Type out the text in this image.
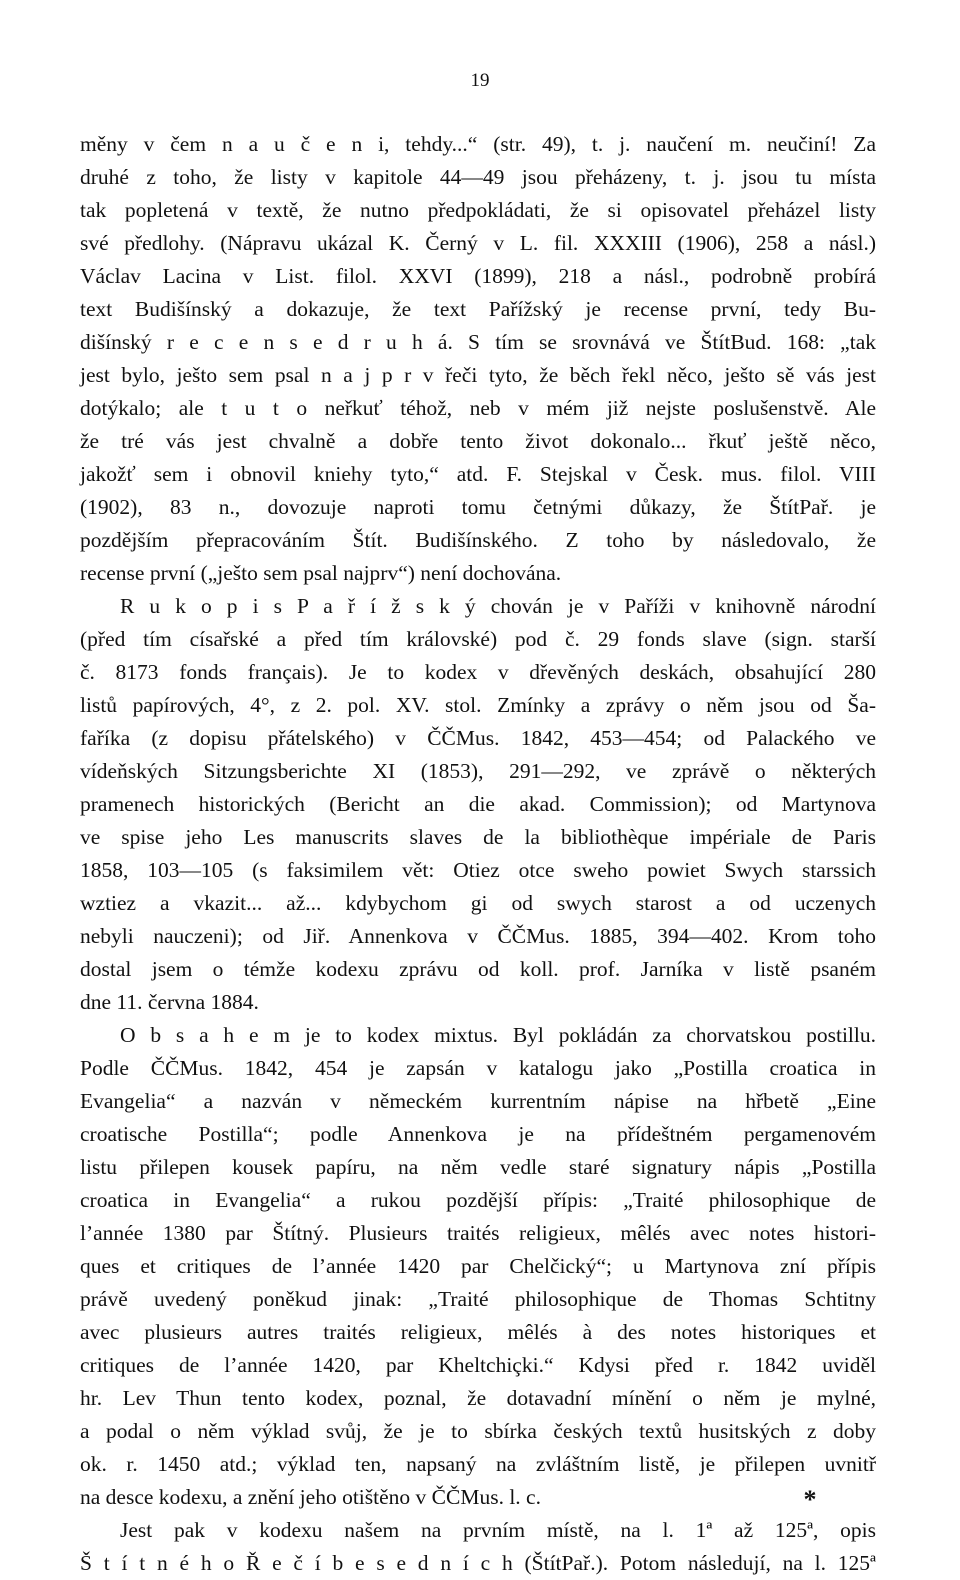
19
měny v čem n a u č e n i, tehdy...“ (str. 49), t. j. naučení m. neučiní! Za
druhé z toho, že listy v kapitole 44—49 jsou přeházeny, t. j. jsou tu místa
tak popletená v textě, že nutno předpokládati, že si opisovatel přeházel listy
své předlohy. (Nápravu ukázal K. Černý v L. fil. XXXIII (1906), 258 a násl.)
Václav Lacina v List. filol. XXVI (1899), 218 a násl., podrobně probírá
text Budišínský a dokazuje, že text Pařížský je recense první, tedy Bu-
dišínský r e c e n s e d r u h á. S tím se srovnává ve ŠtítBud. 168: „tak
jest bylo, ješto sem psal n a j p r v řeči tyto, že běch řekl něco, ješto sě vás jest
dotýkalo; ale t u t o neřkuť téhož, neb v mém již nejste poslušenstvě. Ale
že tré vás jest chvalně a dobře tento život dokonalo... řkuť ještě něco,
jakožť sem i obnovil kniehy tyto,“ atd. F. Stejskal v Česk. mus. filol. VIII
(1902), 83 n., dovozuje naproti tomu četnými důkazy, že ŠtítPař. je
pozdějším přepracováním Štít. Budišínského. Z toho by následovalo, že
recense první („ješto sem psal najprv“) není dochována.
R u k o p i s P a ř í ž s k ý chován je v Paříži v knihovně národní
(před tím císařské a před tím královské) pod č. 29 fonds slave (sign. starší
č. 8173 fonds français). Je to kodex v dřevěných deskách, obsahující 280
listů papírových, 4°, z 2. pol. XV. stol. Zmínky a zprávy o něm jsou od Ša-
faříka (z dopisu přátelského) v ČČMus. 1842, 453—454; od Palackého ve
vídeňských Sitzungsberichte XI (1853), 291—292, ve zprávě o některých
pramenech historických (Bericht an die akad. Commission); od Martynova
ve spise jeho Les manuscrits slaves de la bibliothèque impériale de Paris
1858, 103—105 (s faksimilem vět: Otiez otce sweho powiet Swych starssich
wztiez a vkazit... až... kdybychom gi od swych starost a od uczenych
nebyli nauczeni); od Jiř. Annenkova v ČČMus. 1885, 394—402. Krom toho
dostal jsem o témže kodexu zprávu od koll. prof. Jarníka v listě psaném
dne 11. června 1884.
O b s a h e m je to kodex mixtus. Byl pokládán za chorvatskou postillu.
Podle ČČMus. 1842, 454 je zapsán v katalogu jako „Postilla croatica in
Evangelia“ a nazván v německém kurrentním nápise na hřbetě „Eine
croatische Postilla“; podle Annenkova je na přídeštném pergamenovém
listu přilepen kousek papíru, na něm vedle staré signatury nápis „Postilla
croatica in Evangelia“ a rukou pozdější přípis: „Traité philosophique de
l’année 1380 par Štítný. Plusieurs traités religieux, mêlés avec notes histori-
ques et critiques de l’année 1420 par Chelčický“; u Martynova zní přípis
právě uvedený poněkud jinak: „Traité philosophique de Thomas Schtitny
avec plusieurs autres traités religieux, mêlés à des notes historiques et
critiques de l’année 1420, par Kheltchiçki.“ Kdysi před r. 1842 uviděl
hr. Lev Thun tento kodex, poznal, že dotavadní mínění o něm je mylné,
a podal o něm výklad svůj, že je to sbírka českých textů husitských z doby
ok. r. 1450 atd.; výklad ten, napsaný na zvláštním listě, je přilepen uvnitř
na desce kodexu, a znění jeho otištěno v ČČMus. l. c.
Jest pak v kodexu našem na prvním místě, na l. 1ª až 125ª, opis
Š t í t n é h o Ř e č í b e s e d n í c h (ŠtítPař.). Potom následují, na l. 125ª
*
